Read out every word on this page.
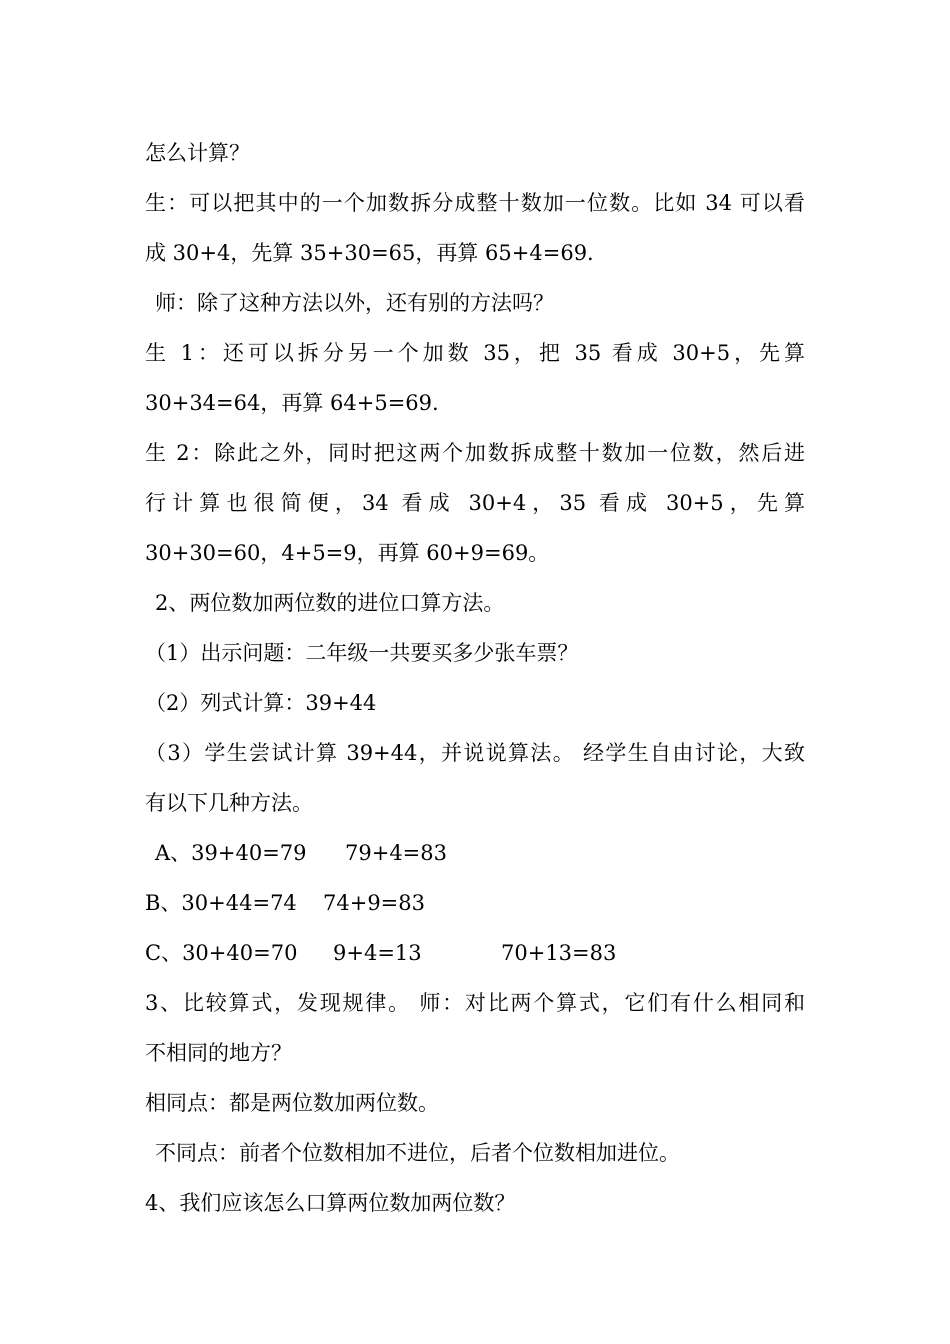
怎么计算？
生：可以把其中的一个加数拆分成整十数加一位数。比如 34 可以看
成 30+4，先算 35+30=65，再算 65+4=69.
师：除了这种方法以外，还有别的方法吗？
生 1：还可以拆分另一个加数 35，把 35 看成 30+5，先算
30+34=64，再算 64+5=69.
生 2：除此之外，同时把这两个加数拆成整十数加一位数，然后进
行计算也很简便，34 看成 30+4，35 看成 30+5，先算
30+30=60，4+5=9，再算 60+9=69。
2、两位数加两位数的进位口算方法。
（1）出示问题：二年级一共要买多少张车票？
（2）列式计算：39+44
（3）学生尝试计算 39+44，并说说算法。 经学生自由讨论，大致
有以下几种方法。
A、39+40=79 79+4=83
B、30+44=74 74+9=83
C、30+40=70 9+4=13	70+13=83
3、比较算式，发现规律。 师：对比两个算式，它们有什么相同和
不相同的地方？
相同点：都是两位数加两位数。
不同点：前者个位数相加不进位，后者个位数相加进位。
4、我们应该怎么口算两位数加两位数？
